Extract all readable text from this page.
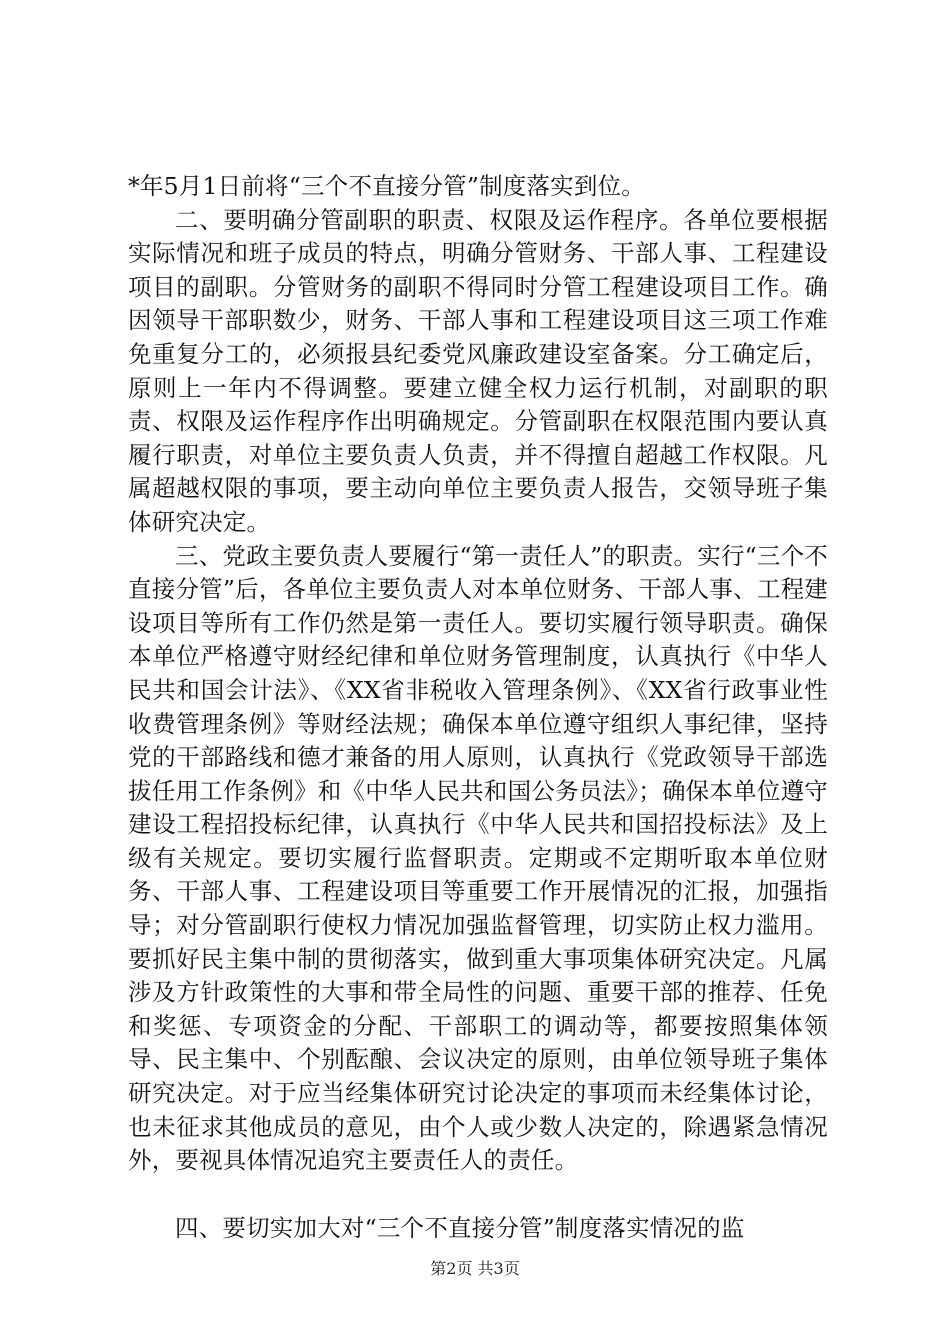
*年5月1日前将“三个不直接分管”制度落实到位。

二、要明确分管副职的职责、权限及运作程序。各单位要根据实际情况和班子成员的特点，明确分管财务、干部人事、工程建设项目的副职。分管财务的副职不得同时分管工程建设项目工作。确因领导干部职数少，财务、干部人事和工程建设项目这三项工作难免重复分工的，必须报县纪委党风廉政建设室备案。分工确定后，原则上一年内不得调整。要建立健全权力运行机制，对副职的职责、权限及运作程序作出明确规定。分管副职在权限范围内要认真履行职责，对单位主要负责人负责，并不得擅自超越工作权限。凡属超越权限的事项，要主动向单位主要负责人报告，交领导班子集体研究决定。

三、党政主要负责人要履行“第一责任人”的职责。实行“三个不直接分管”后，各单位主要负责人对本单位财务、干部人事、工程建设项目等所有工作仍然是第一责任人。要切实履行领导职责。确保本单位严格遵守财经纪律和单位财务管理制度，认真执行《中华人民共和国会计法》、《XX省非税收入管理条例》、《XX省行政事业性收费管理条例》等财经法规；确保本单位遵守组织人事纪律，坚持党的干部路线和德才兼备的用人原则，认真执行《党政领导干部选拔任用工作条例》和《中华人民共和国公务员法》；确保本单位遵守建设工程招投标纪律，认真执行《中华人民共和国招投标法》及上级有关规定。要切实履行监督职责。定期或不定期听取本单位财务、干部人事、工程建设项目等重要工作开展情况的汇报，加强指导；对分管副职行使权力情况加强监督管理，切实防止权力滥用。要抓好民主集中制的贯彻落实，做到重大事项集体研究决定。凡属涉及方针政策性的大事和带全局性的问题、重要干部的推荐、任免和奖惩、专项资金的分配、干部职工的调动等，都要按照集体领导、民主集中、个别酝酿、会议决定的原则，由单位领导班子集体研究决定。对于应当经集体研究讨论决定的事项而未经集体讨论，也未征求其他成员的意见，由个人或少数人决定的，除遇紧急情况外，要视具体情况追究主要责任人的责任。

四、要切实加大对“三个不直接分管”制度落实情况的监

第2页 共3页
